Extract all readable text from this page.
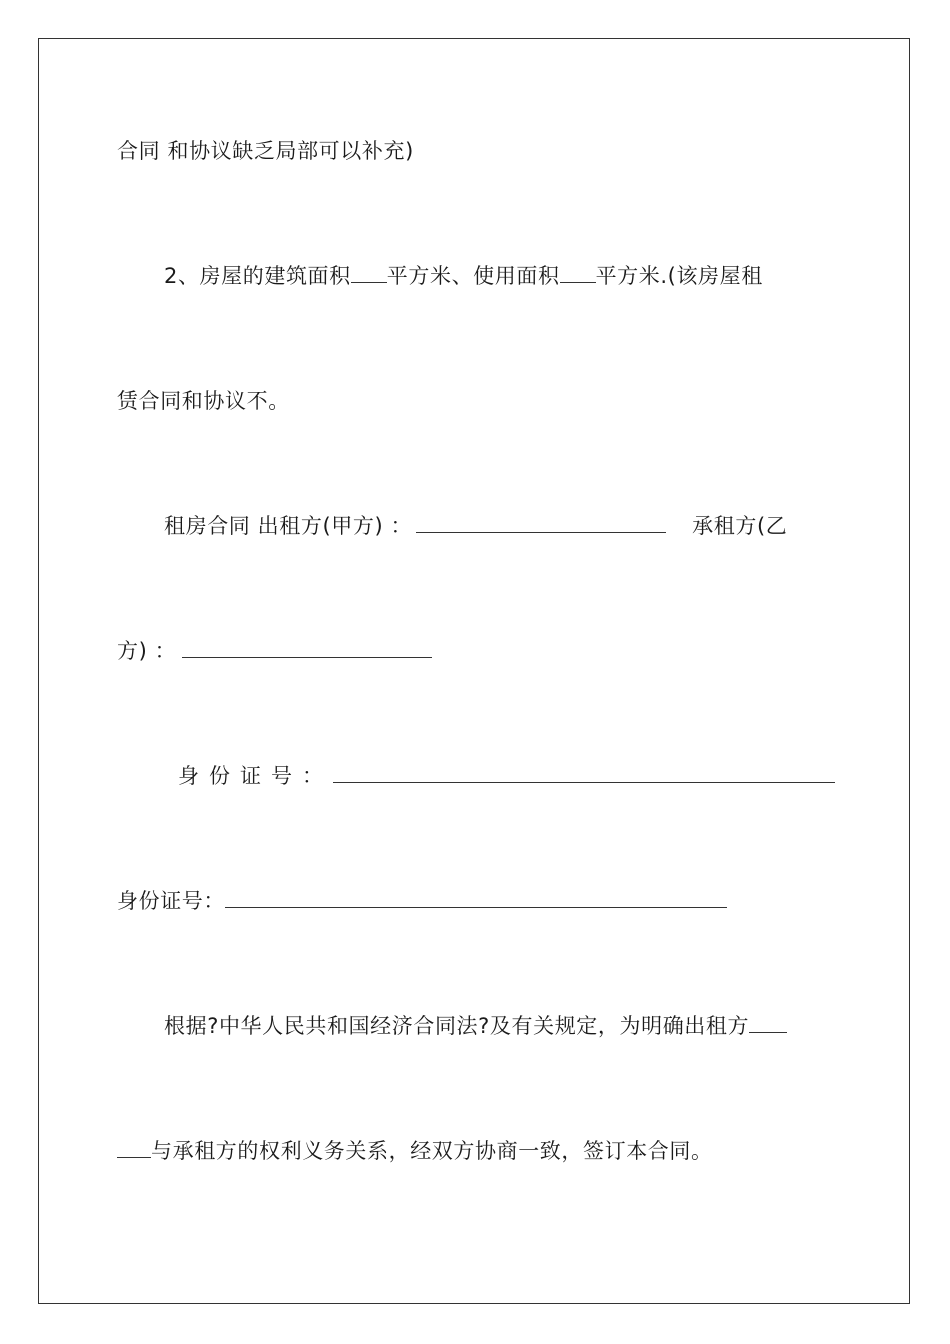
合同 和协议缺乏局部可以补充)
2、房屋的建筑面积 平方米、使用面积 平方米.(该房屋租
赁合同和协议不。
租房合同 出租方(甲方) ：	承租方(乙
方) ：
身份证号：
身份证号：
根据?中华人民共和国经济合同法?及有关规定，为明确出租方
与承租方的权利义务关系，经双方协商一致，签订本合同。
